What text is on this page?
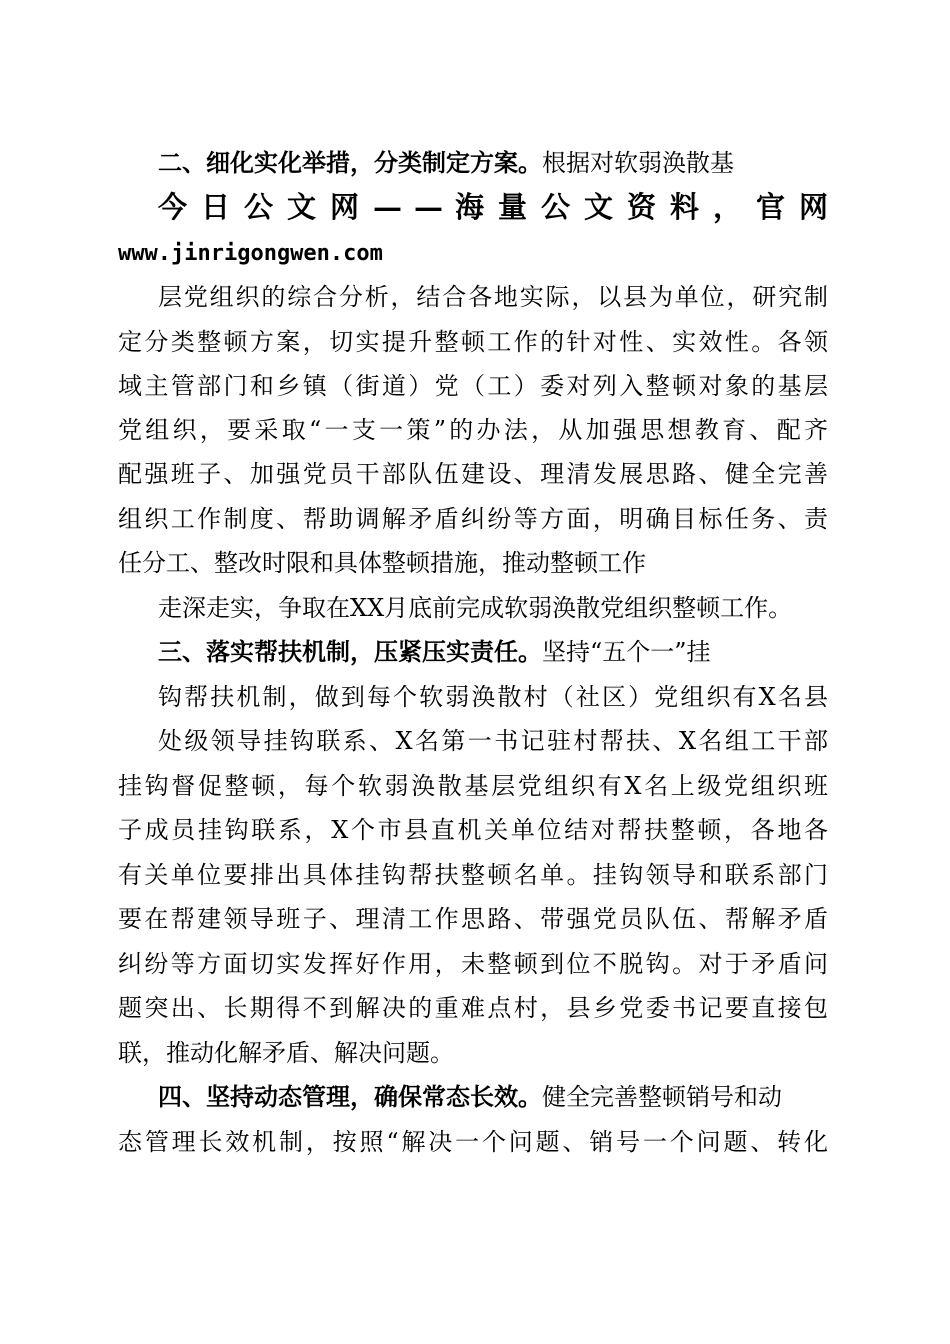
二、细化实化举措，分类制定方案。根据对软弱涣散基
今 日 公 文 网 — — 海 量 公 文 资 料 ， 官 网
www.jinrigongwen.com
层党组织的综合分析，结合各地实际，以县为单位，研究制
定分类整顿方案，切实提升整顿工作的针对性、实效性。各领
域主管部门和乡镇（街道）党（工）委对列入整顿对象的基层
党组织，要采取“一支一策”的办法，从加强思想教育、配齐
配强班子、加强党员干部队伍建设、理清发展思路、健全完善
组织工作制度、帮助调解矛盾纠纷等方面，明确目标任务、责
任分工、整改时限和具体整顿措施，推动整顿工作
走深走实，争取在XX月底前完成软弱涣散党组织整顿工作。
三、落实帮扶机制，压紧压实责任。坚持“五个一”挂
钩帮扶机制，做到每个软弱涣散村（社区）党组织有X名县
处级领导挂钩联系、X名第一书记驻村帮扶、X名组工干部
挂钩督促整顿，每个软弱涣散基层党组织有X名上级党组织班
子成员挂钩联系，X个市县直机关单位结对帮扶整顿，各地各
有关单位要排出具体挂钩帮扶整顿名单。挂钩领导和联系部门
要在帮建领导班子、理清工作思路、带强党员队伍、帮解矛盾
纠纷等方面切实发挥好作用，未整顿到位不脱钩。对于矛盾问
题突出、长期得不到解决的重难点村，县乡党委书记要直接包
联，推动化解矛盾、解决问题。
四、坚持动态管理，确保常态长效。健全完善整顿销号和动
态管理长效机制，按照“解决一个问题、销号一个问题、转化
